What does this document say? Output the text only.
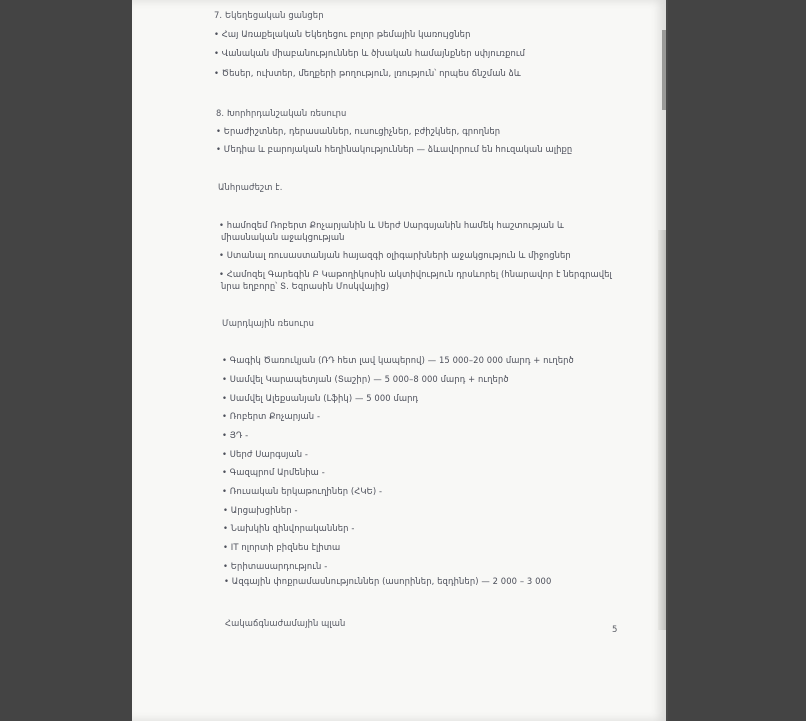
7. Եկեղեցական ցանցեր
• Հայ Առաքելական Եկեղեցու բոլոր թեմային կառույցներ
• Վանական միաբանություններ և ծխական համայնքներ սփյուռքում
• Ծեսեր, ուխտեր, մեղքերի թողություն, լռություն՝ որպես ճնշման ձև
8. Խորհրդանշական ռեսուրս
• Երաժիշտներ, դերասաններ, ուսուցիչներ, բժիշկներ, գրողներ
• Մեդիա և բարոյական հեղինակություններ — ձևավորում են հուզական ալիքը
Անհրաժեշտ է.
• համոզեմ Ռոբերտ Քոչարյանին և Սերժ Սարգսյանին համեկ հաշտության և
միասնական աջակցության
• Ստանալ ռուսաստանյան հայազգի օլիգարխների աջակցություն և միջոցներ
• Համոզել Գարեգին Բ Կաթողիկոսին ակտիվություն դրսևորել (հնարավոր է ներգրավել
նրա եղբորը՝ Տ. Եզրասին Մոսկվայից)
Մարդկային ռեսուրս
• Գագիկ Ծառուկյան (ՌԴ հետ լավ կապերով) — 15 000–20 000 մարդ + ուղերծ
• Սամվել Կարապետյան (Տաշիր) — 5 000–8 000 մարդ + ուղերծ
• Սամվել Ալեքսանյան (Լֆիկ) — 5 000 մարդ
• Ռոբերտ Քոչարյան -
• ՅԴ -
• Սերժ Սարգսյան -
• Գազպրոմ Արմենիա -
• Ռուսական երկաթուղիներ (ՀԿԵ) -
• Արցախցիներ -
• Նախկին զինվորականներ -
• IT ոլորտի բիզնես էլիտա
• Երիտասարդություն -
• Ազգային փոքրամասնություններ (ասորիներ, եզդիներ) — 2 000 – 3 000
Հակաճգնաժամային պլան
5
